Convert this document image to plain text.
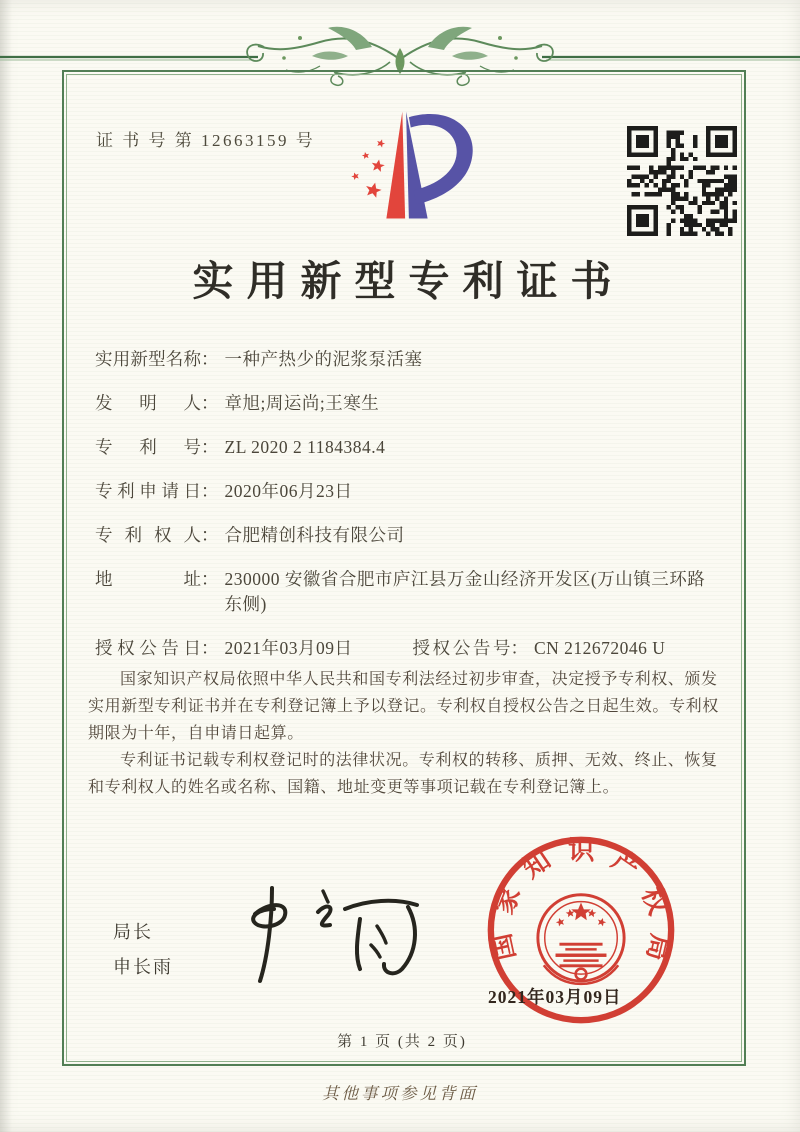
证 书 号 第 12663159 号
实用新型专利证书
实用新型名称 ： 一种产热少的泥浆泵活塞
发明人 ： 章旭;周运尚;王寒生
专利号 ： ZL 2020 2 1184384.4
专利申请日 ： 2020年06月23日
专利权人 ： 合肥精创科技有限公司
地址 ： 230000 安徽省合肥市庐江县万金山经济开发区(万山镇三环路东侧)
授权公告日 ： 2021年03月09日	授权公告号 ： CN 212672046 U

国家知识产权局依照中华人民共和国专利法经过初步审查，决定授予专利权、颁发实用新型专利证书并在专利登记簿上予以登记。专利权自授权公告之日起生效。专利权期限为十年，自申请日起算。

专利证书记载专利权登记时的法律状况。专利权的转移、质押、无效、终止、恢复和专利权人的姓名或名称、国籍、地址变更等事项记载在专利登记簿上。

局长
申长雨
国家知识产权局
2021年03月09日
第 1 页 (共 2 页)
其他事项参见背面
